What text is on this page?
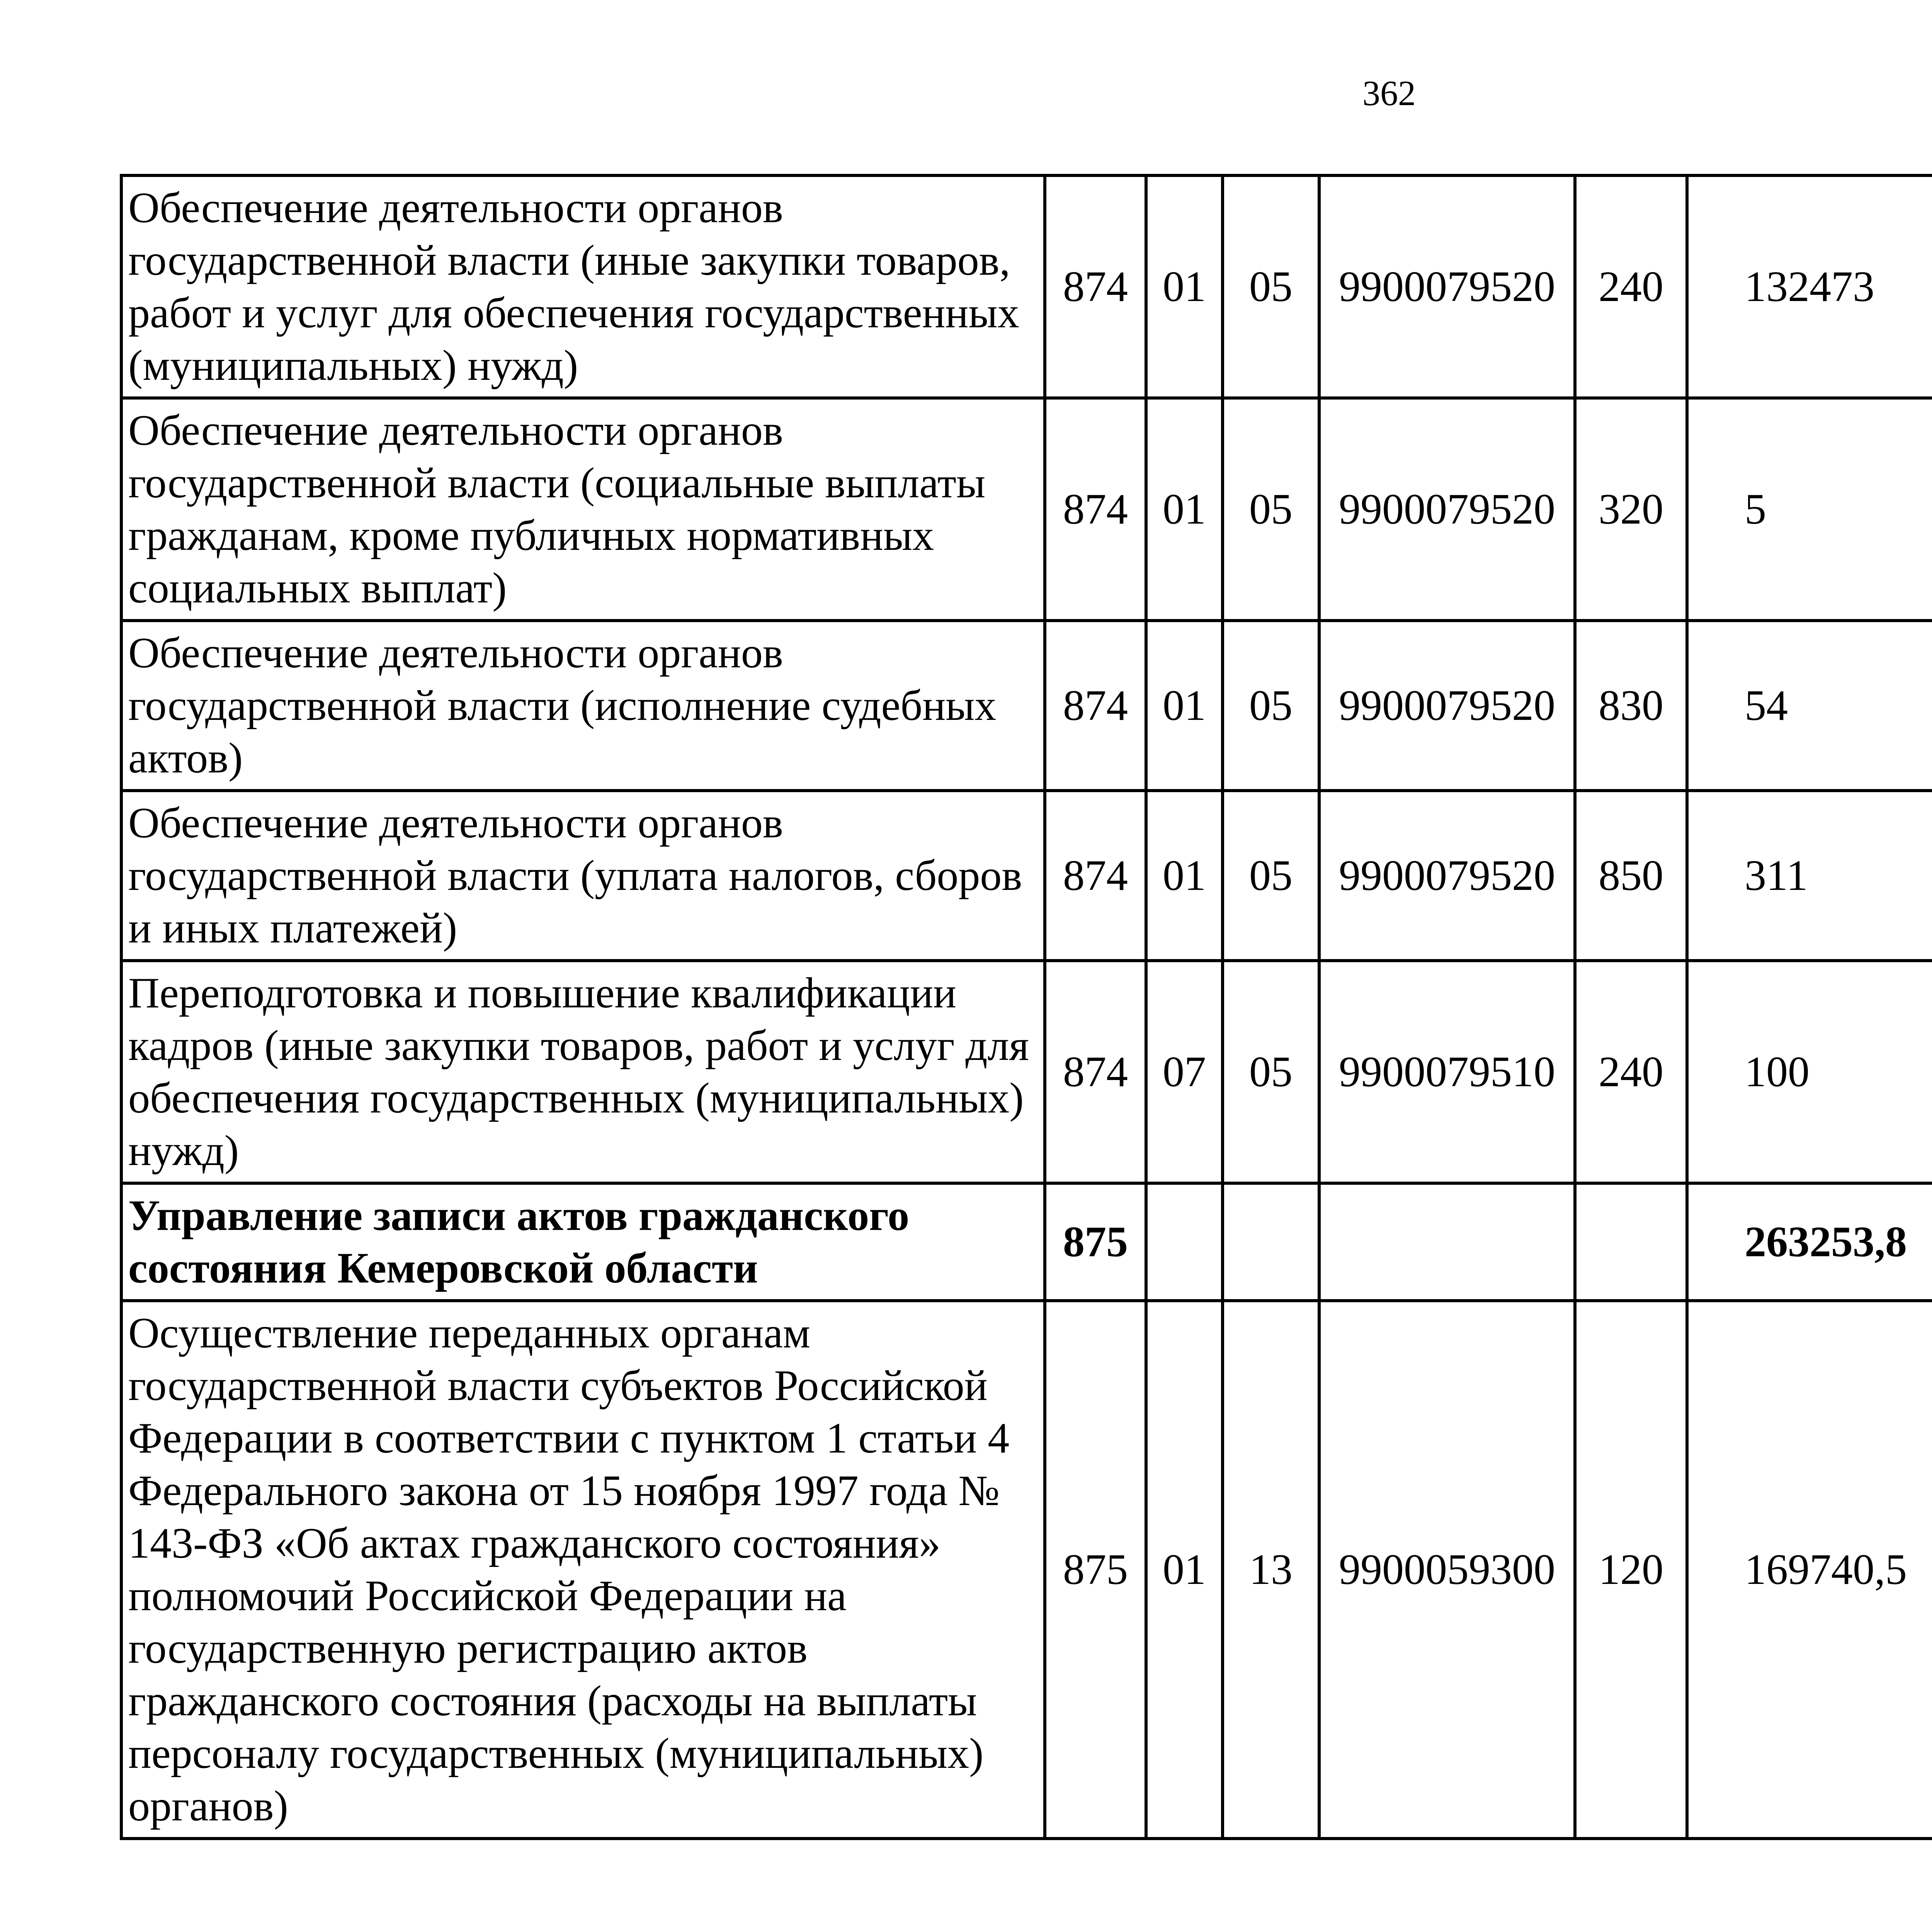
362
Обеспечение деятельности органов государственной власти (иные закупки товаров, работ и услуг для обеспечения государственных (муниципальных) нужд)	874	01	05	9900079520	240	132473		
Обеспечение деятельности органов государственной власти (социальные выплаты гражданам, кроме публичных нормативных социальных выплат)	874	01	05	9900079520	320	5		
Обеспечение деятельности органов государственной власти (исполнение судебных актов)	874	01	05	9900079520	830	54		
Обеспечение деятельности органов государственной власти (уплата налогов, сборов и иных платежей)	874	01	05	9900079520	850	311		
Переподготовка и повышение квалификации кадров (иные закупки товаров, работ и услуг для обеспечения государственных (муниципальных) нужд)	874	07	05	9900079510	240	100		
Управление записи актов гражданского состояния Кемеровской области	875					263253,8		
Осуществление переданных органам государственной власти субъектов Российской Федерации в соответствии с пунктом 1 статьи 4 Федерального закона от 15 ноября 1997 года № 143-ФЗ «Об актах гражданского состояния» полномочий Российской Федерации на государственную регистрацию актов гражданского состояния (расходы на выплаты персоналу государственных (муниципальных) органов)	875	01	13	9900059300	120	169740,5		
